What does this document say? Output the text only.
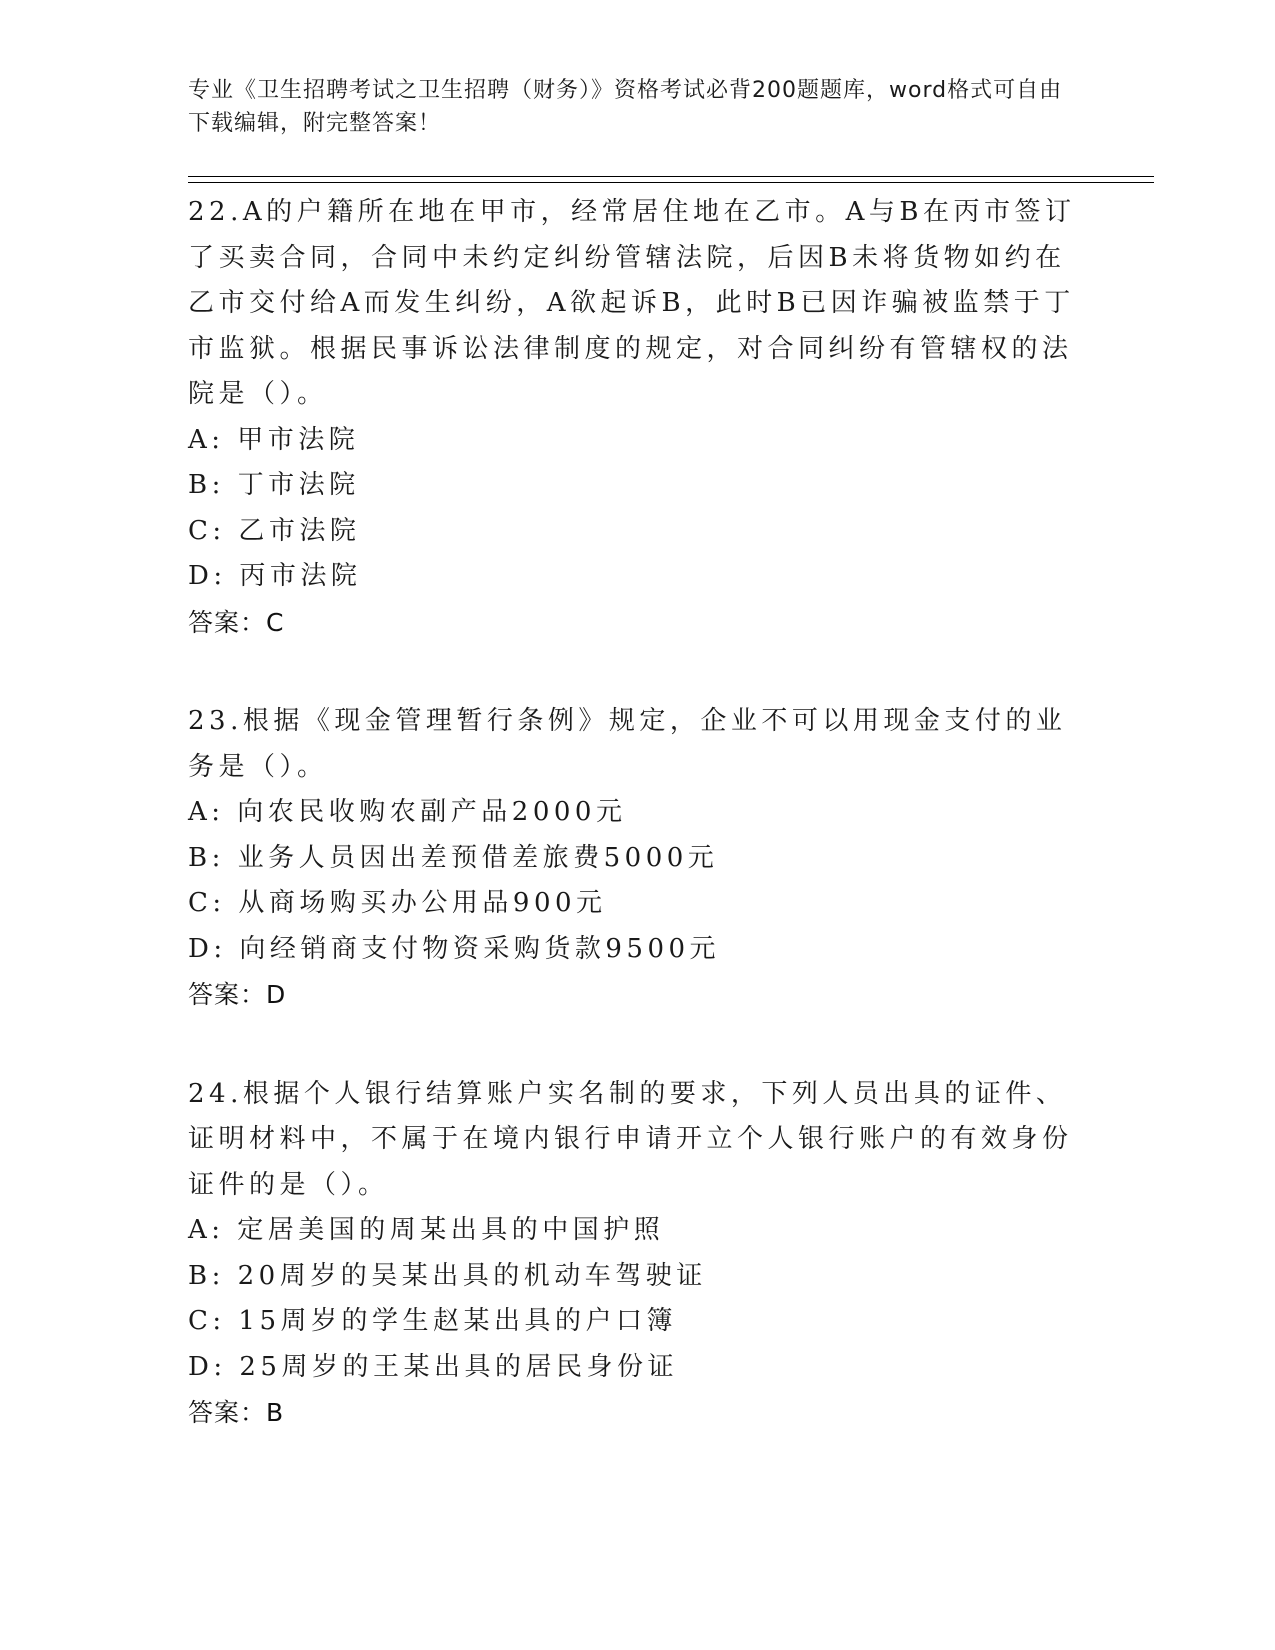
专业《卫生招聘考试之卫生招聘（财务）》资格考试必背200题题库，word格式可自由下载编辑，附完整答案！

22.A的户籍所在地在甲市，经常居住地在乙市。A与B在丙市签订了买卖合同，合同中未约定纠纷管辖法院，后因B未将货物如约在乙市交付给A而发生纠纷，A欲起诉B，此时B已因诈骗被监禁于丁市监狱。根据民事诉讼法律制度的规定，对合同纠纷有管辖权的法院是（）。

A: 甲市法院
B: 丁市法院
C: 乙市法院
D: 丙市法院
答案：C

23.根据《现金管理暂行条例》规定，企业不可以用现金支付的业务是（）。

A: 向农民收购农副产品2000元
B: 业务人员因出差预借差旅费5000元
C: 从商场购买办公用品900元
D: 向经销商支付物资采购货款9500元
答案：D

24.根据个人银行结算账户实名制的要求，下列人员出具的证件、证明材料中，不属于在境内银行申请开立个人银行账户的有效身份证件的是（）。

A: 定居美国的周某出具的中国护照
B: 20周岁的吴某出具的机动车驾驶证
C: 15周岁的学生赵某出具的户口簿
D: 25周岁的王某出具的居民身份证
答案：B
